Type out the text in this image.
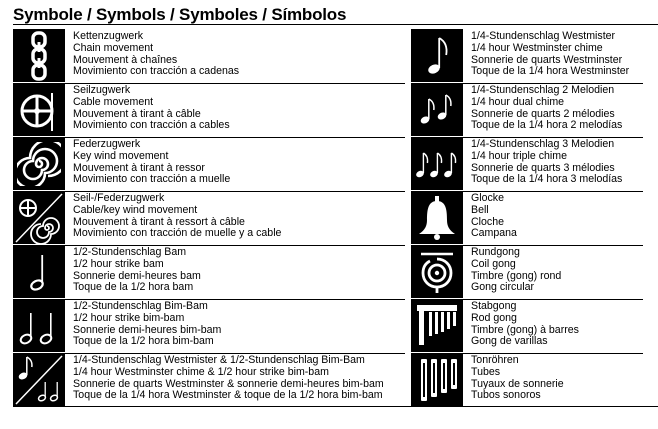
Symbole / Symbols / Symboles / Símbolos
Kettenzugwerk
Chain movement
Mouvement à chaînes
Movimiento con tracción a cadenas
Seilzugwerk
Cable movement
Mouvement à tirant à câble
Movimiento con tracción a cables
Federzugwerk
Key wind movement
Mouvement à tirant à ressor
Movimiento con tracción a muelle
Seil-/Federzugwerk
Cable/key wind movement
Mouvement à tirant à ressort à câble
Movimiento con tracción de muelle y a cable
1/2-Stundenschlag Bam
1/2 hour strike bam
Sonnerie demi-heures bam
Toque de la 1/2 hora bam
1/2-Stundenschlag Bim-Bam
1/2 hour strike bim-bam
Sonnerie demi-heures bim-bam
Toque de la 1/2 hora bim-bam
1/4-Stundenschlag Westmister & 1/2-Stundenschlag Bim-Bam
1/4 hour Westminster chime & 1/2 hour strike bim-bam
Sonnerie de quarts Westminster & sonnerie demi-heures bim-bam
Toque de la 1/4 hora Westminster & toque de la 1/2 hora bim-bam
1/4-Stundenschlag Westmister
1/4 hour Westminster chime
Sonnerie de quarts Westminster
Toque de la 1/4 hora Westminster
1/4-Stundenschlag 2 Melodien
1/4 hour dual chime
Sonnerie de quarts 2 mélodies
Toque de la 1/4 hora 2 melodías
1/4-Stundenschlag 3 Melodien
1/4 hour triple chime
Sonnerie de quarts 3 mélodies
Toque de la 1/4 hora 3 melodías
Glocke
Bell
Cloche
Campana
Rundgong
Coil gong
Timbre (gong) rond
Gong circular
Stabgong
Rod gong
Timbre (gong) à barres
Gong de varillas
Tonröhren
Tubes
Tuyaux de sonnerie
Tubos sonoros
